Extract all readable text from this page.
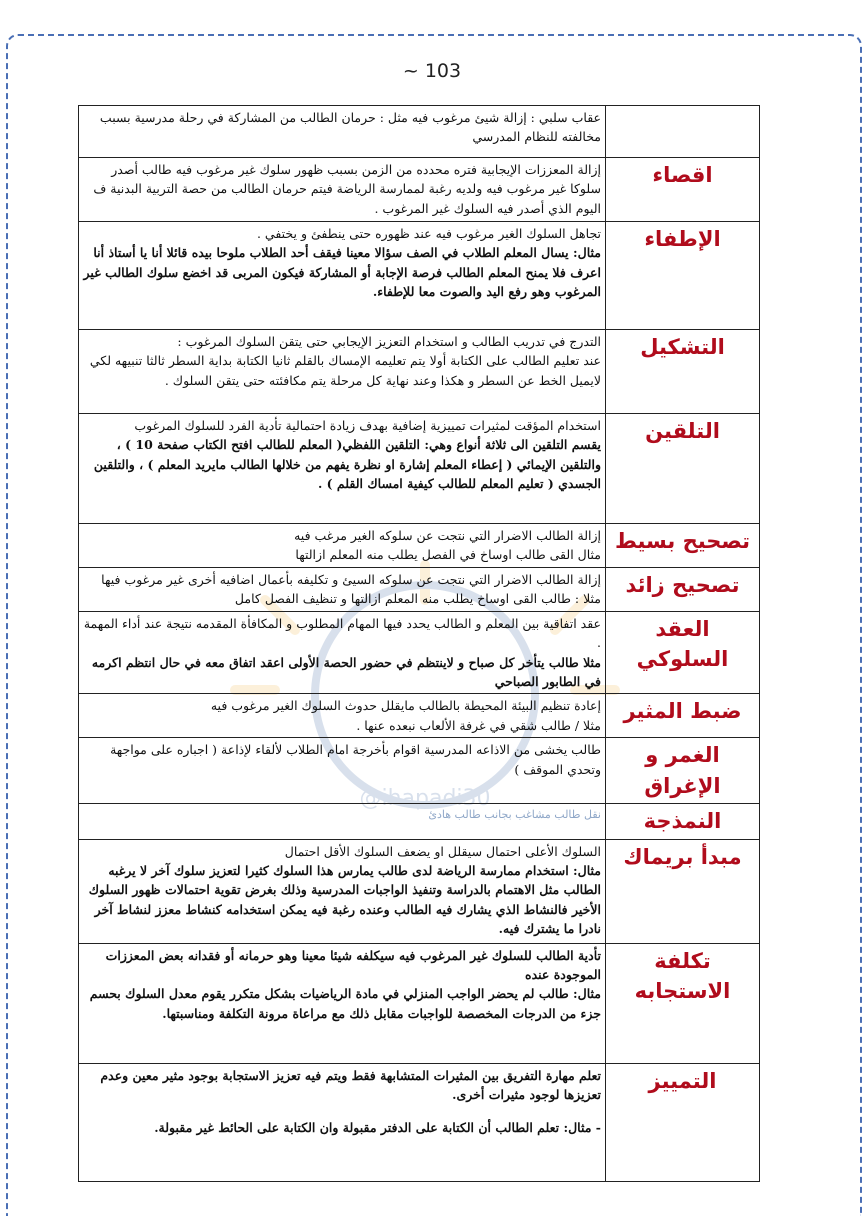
@ihapadi30
~ 103

	عقاب سلبي : إزالة شيئ مرغوب فيه مثل : حرمان الطالب من المشاركة في رحلة مدرسية بسبب مخالفته للنظام المدرسي

اقصاء	إزالة المعززات الإيجابية فتره محدده من الزمن بسبب ظهور سلوك غير مرغوب فيه طالب أصدر سلوكا غير مرغوب فيه ولديه رغبة لممارسة الرياضة فيتم حرمان الطالب من حصة التربية البدنية ف اليوم الذي أصدر فيه السلوك غير المرغوب .

الإطفاء	تجاهل السلوك الغير مرغوب فيه عند ظهوره حتى ينطفئ و يختفي .

مثال: يسال المعلم الطلاب في الصف سؤالا معينا فيقف أحد الطلاب ملوحا بيده قائلا أنا يا أستاذ أنا اعرف فلا يمنح المعلم الطالب فرصة الإجابة أو المشاركة فيكون المربى قد اخضع سلوك الطالب غير المرغوب وهو رفع اليد والصوت معا للإطفاء.

التشكيل	التدرج في تدريب الطالب و استخدام التعزيز الإيجابي حتى يتقن السلوك المرغوب :

عند تعليم الطالب على الكتابة أولا يتم تعليمه الإمساك بالقلم ثانيا الكتابة بداية السطر ثالثا تنبيهه لكي لايميل الخط عن السطر و هكذا وعند نهاية كل مرحلة يتم مكافئته حتى يتقن السلوك .

التلقين	استخدام المؤقت لمثيرات تمييزية إضافية بهدف زيادة احتمالية تأدية الفرد للسلوك المرغوب

يقسم التلقين الى ثلاثة أنواع وهي: التلقين اللفظي( المعلم للطالب افتح الكتاب صفحة 10 ) ، والتلقين الإيمائي ( إعطاء المعلم إشارة او نظرة يفهم من خلالها الطالب مايريد المعلم ) ، والتلقين الجسدي ( تعليم المعلم للطالب كيفية امساك القلم ) .

تصحيح بسيط	إزالة الطالب الاضرار التي نتجت عن سلوكه الغير مرغب فيه

مثال القى طالب اوساخ في الفصل يطلب منه المعلم ازالتها

تصحيح زائد	إزالة الطالب الاضرار التي نتجت عن سلوكه السيئ و تكليفه بأعمال اضافيه أخرى غير مرغوب فيها مثلا : طالب القى اوساخ يطلب منه المعلم ازالتها و تنظيف الفصل كامل

العقد السلوكي	عقد اتفاقية بين المعلم و الطالب يحدد فيها المهام المطلوب و المكافأة المقدمه نتيجة عند أداء المهمة .

مثلا طالب يتأخر كل صباح و لاينتظم في حضور الحصة الأولى اعقد اتفاق معه في حال انتظم اكرمه في الطابور الصباحي

ضبط المثير	إعادة تنظيم البيئة المحيطة بالطالب مايقلل حدوث السلوك الغير مرغوب فيه

مثلا / طالب شقي في غرفة الألعاب نبعده عنها .

الغمر و الإغراق	طالب يخشى من الاذاعه المدرسية اقوام بأخرجة امام الطلاب لألقاء لإذاعة ( اجباره على مواجهة وتحدي الموقف )

النمذجة	نقل طالب مشاغب بجانب طالب هادئ

مبدأ بريماك	السلوك الأعلى احتمال سيقلل او يضعف السلوك الأقل احتمال

مثال: استخدام ممارسة الرياضة لدى طالب يمارس هذا السلوك كثيرا لتعزيز سلوك آخر لا يرغبه الطالب مثل الاهتمام بالدراسة وتنفيذ الواجبات المدرسية وذلك بغرض تقوية احتمالات ظهور السلوك الأخير فالنشاط الذي يشارك فيه الطالب وعنده رغبة فيه يمكن استخدامه كنشاط معزز لنشاط آخر نادرا ما يشترك فيه.

تكلفة الاستجابه	تأدية الطالب للسلوك غير المرغوب فيه سيكلفه شيئا معينا وهو حرمانه أو فقدانه بعض المعززات الموجودة عنده

مثال: طالب لم يحضر الواجب المنزلي في مادة الرياضيات بشكل متكرر يقوم معدل السلوك بحسم جزء من الدرجات المخصصة للواجبات مقابل ذلك مع مراعاة مرونة التكلفة ومناسبتها.

التمييز	تعلم مهارة التفريق بين المثيرات المتشابهة فقط ويتم فيه تعزيز الاستجابة بوجود مثير معين وعدم تعزيزها لوجود مثيرات أخرى.

- مثال: تعلم الطالب أن الكتابة على الدفتر مقبولة وان الكتابة على الحائط غير مقبولة.
